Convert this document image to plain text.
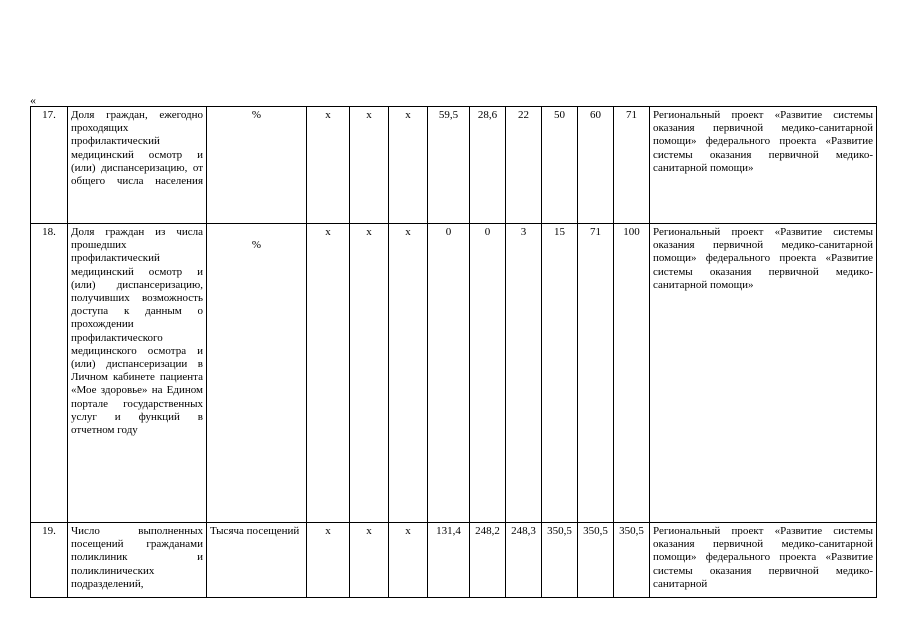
«
17.	Доля граждан, ежегодно проходящих профилактический медицинский осмотр и (или) диспансеризацию, от общего числа населения	%	x	x	x	59,5	28,6	22	50	60	71	Региональный проект «Развитие системы оказания первичной медико-санитарной помощи» федерального проекта «Развитие системы оказания первичной медико-санитарной помощи»
18.	Доля граждан из числа прошедших профилактический медицинский осмотр и (или) диспансеризацию, получивших возможность доступа к данным о прохождении профилактического медицинского осмотра и (или) диспансеризации в Личном кабинете пациента «Мое здоровье» на Едином портале государственных услуг и функций в отчетном году	%	x	x	x	0	0	3	15	71	100	Региональный проект «Развитие системы оказания первичной медико-санитарной помощи» федерального проекта «Развитие системы оказания первичной медико-санитарной помощи»
19.	Число выполненных посещений гражданами поликлиник и поликлинических подразделений,	Тысяча посещений	x	x	x	131,4	248,2	248,3	350,5	350,5	350,5	Региональный проект «Развитие системы оказания первичной медико-санитарной помощи» федерального проекта «Развитие системы оказания первичной медико-санитарной
